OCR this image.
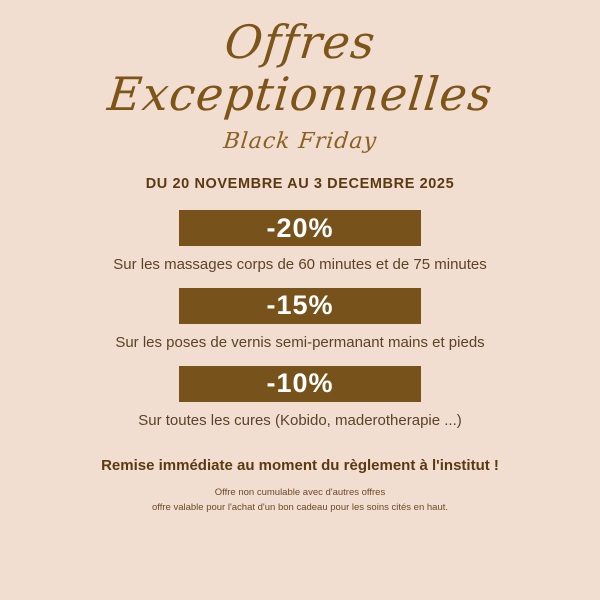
Offres
Exceptionnelles
Black Friday
DU 20 NOVEMBRE AU 3 DECEMBRE 2025
-20%
Sur les massages corps de 60 minutes et de 75 minutes
-15%
Sur les poses de vernis semi-permanant mains et pieds
-10%
Sur toutes les cures (Kobido, maderotherapie ...)
Remise immédiate au moment du règlement à l'institut !
Offre non cumulable avec d'autres offres
offre valable pour l'achat d'un bon cadeau pour les soins cités en haut.
